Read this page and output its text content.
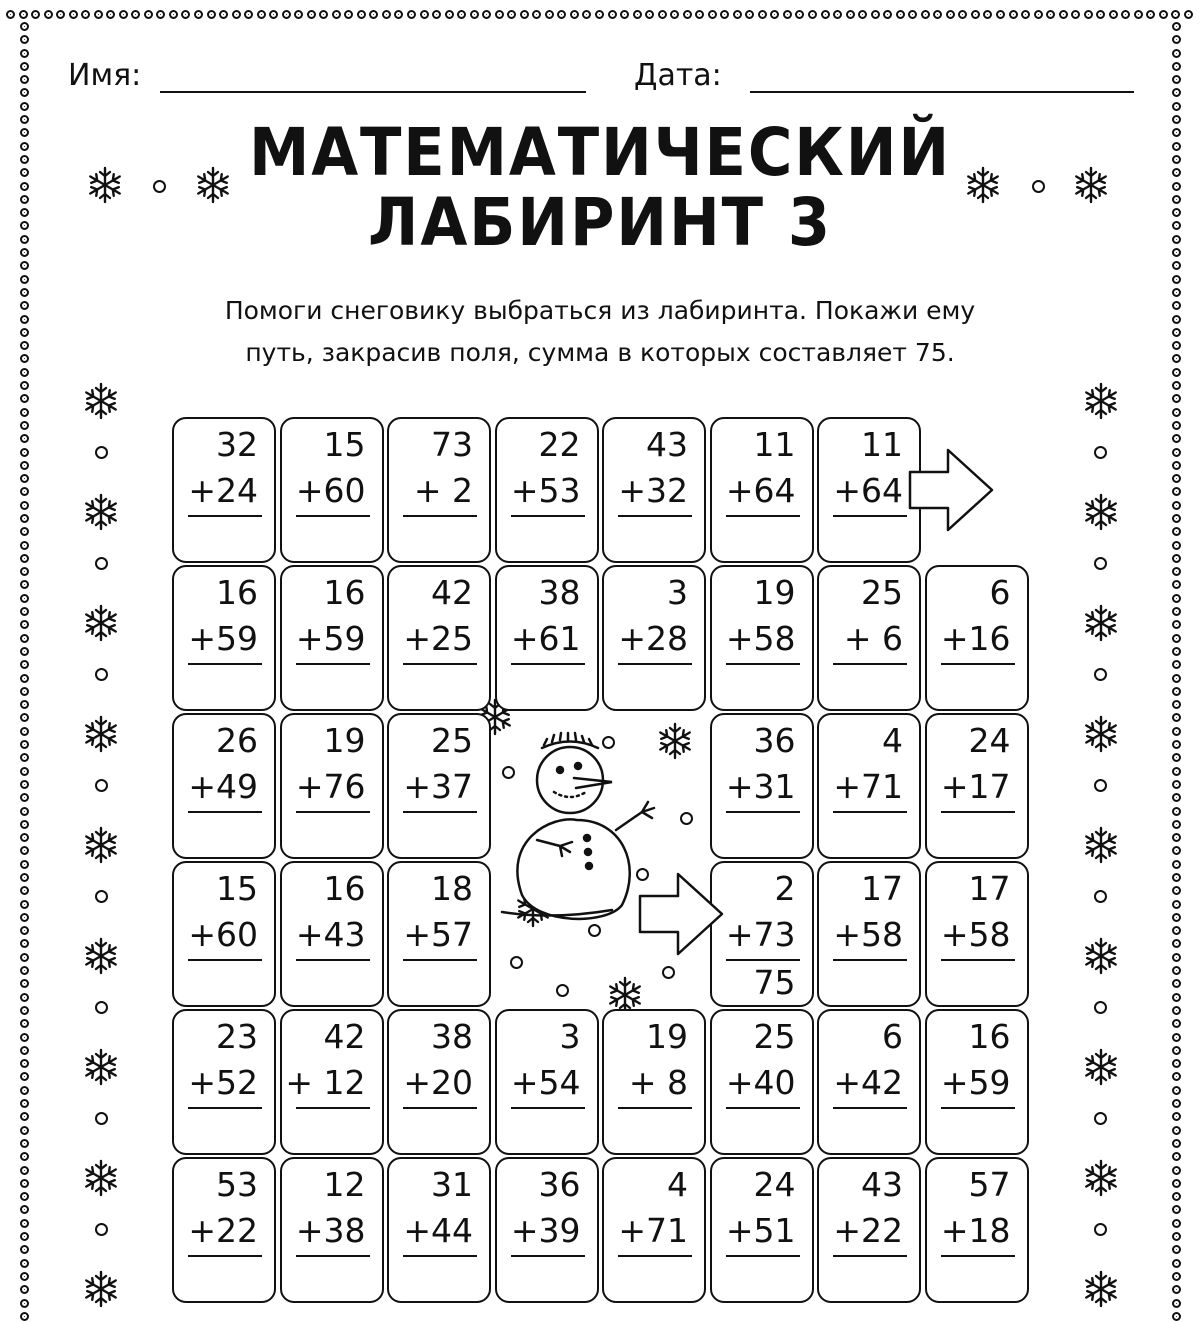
Имя:	Дата:
МАТЕМАТИЧЕСКИЙ
ЛАБИРИНТ 3
Помоги снеговику выбраться из лабиринта. Покажи ему
путь, закрасив поля, сумма в которых составляет 75.
32
+24
15
+60
73
+ 2
22
+53
43
+32
11
+64
11
+64
16
+59
16
+59
42
+25
38
+61
3
+28
19
+58
25
+ 6
6
+16
26
+49
19
+76
25
+37
36
+31
4
+71
24
+17
15
+60
16
+43
18
+57
2
+73
75
17
+58
17
+58
23
+52
42
+ 12
38
+20
3
+54
19
+ 8
25
+40
6
+42
16
+59
53
+22
12
+38
31
+44
36
+39
4
+71
24
+51
43
+22
57
+18
